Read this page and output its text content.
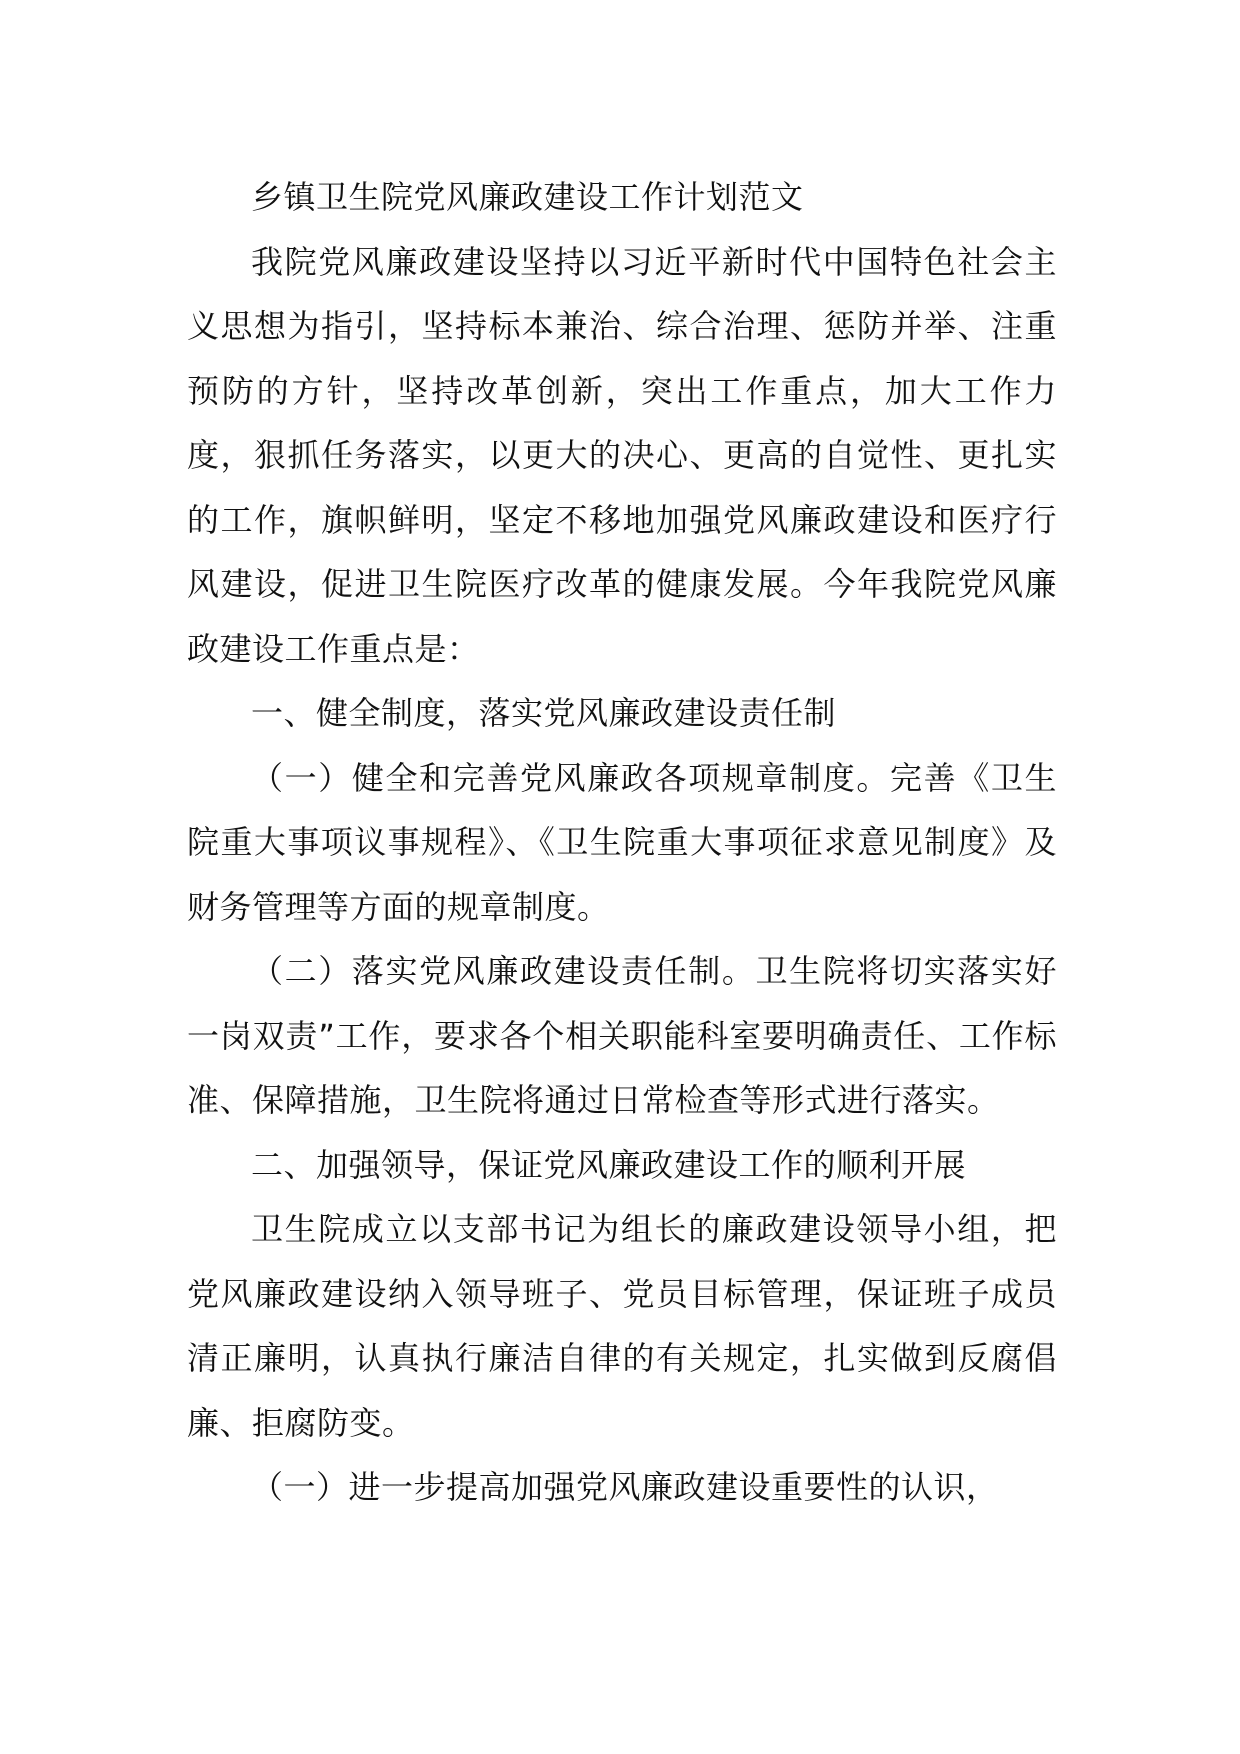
乡镇卫生院党风廉政建设工作计划范文

我院党风廉政建设坚持以习近平新时代中国特色社会主义思想为指引，坚持标本兼治、综合治理、惩防并举、注重预防的方针，坚持改革创新，突出工作重点，加大工作力度，狠抓任务落实，以更大的决心、更高的自觉性、更扎实的工作，旗帜鲜明，坚定不移地加强党风廉政建设和医疗行风建设，促进卫生院医疗改革的健康发展。今年我院党风廉政建设工作重点是：

一、健全制度，落实党风廉政建设责任制

（一）健全和完善党风廉政各项规章制度。完善《卫生院重大事项议事规程》、《卫生院重大事项征求意见制度》及财务管理等方面的规章制度。

（二）落实党风廉政建设责任制。卫生院将切实落实好一岗双责”工作，要求各个相关职能科室要明确责任、工作标准、保障措施，卫生院将通过日常检查等形式进行落实。

二、加强领导，保证党风廉政建设工作的顺利开展

卫生院成立以支部书记为组长的廉政建设领导小组，把党风廉政建设纳入领导班子、党员目标管理，保证班子成员清正廉明，认真执行廉洁自律的有关规定，扎实做到反腐倡廉、拒腐防变。

（一）进一步提高加强党风廉政建设重要性的认识，
